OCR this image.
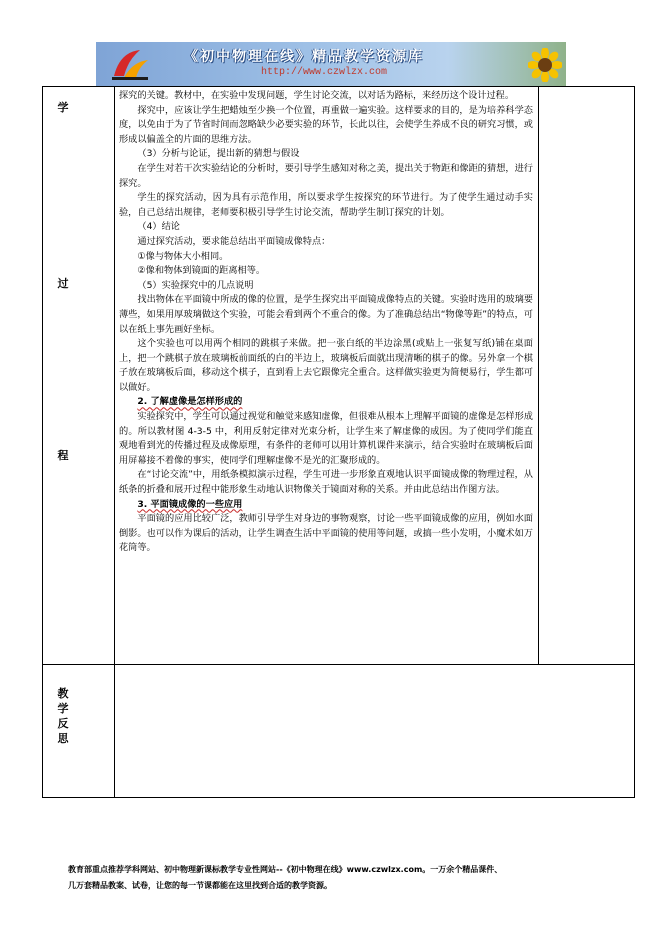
《初中物理在线》精品教学资源库
http://www.czwlzx.com
学
过
程
教
学
反
思

探究的关键。教材中，在实验中发现问题，学生讨论交流，以对话为路标，来经历这个设计过程。

探究中，应该让学生把蜡烛至少换一个位置，再重做一遍实验。这样要求的目的，是为培养科学态度，以免由于为了节省时间而忽略缺少必要实验的环节，长此以往，会使学生养成不良的研究习惯，或形成以偏盖全的片面的思维方法。

（3）分析与论证，提出新的猜想与假设

在学生对若干次实验结论的分析时，要引导学生感知对称之美，提出关于物距和像距的猜想，进行探究。

学生的探究活动，因为具有示范作用，所以要求学生按探究的环节进行。为了使学生通过动手实验，自己总结出规律，老师要积极引导学生讨论交流，帮助学生制订探究的计划。

（4）结论

通过探究活动，要求能总结出平面镜成像特点：

①像与物体大小相同。

②像和物体到镜面的距离相等。

（5）实验探究中的几点说明

找出物体在平面镜中所成的像的位置，是学生探究出平面镜成像特点的关键。实验时选用的玻璃要薄些，如果用厚玻璃做这个实验，可能会看到两个不重合的像。为了准确总结出“物像等距”的特点，可以在纸上事先画好坐标。

这个实验也可以用两个相同的跳棋子来做。把一张白纸的半边涂黑(或贴上一张复写纸)铺在桌面上，把一个跳棋子放在玻璃板前面纸的白的半边上，玻璃板后面就出现清晰的棋子的像。另外拿一个棋子放在玻璃板后面，移动这个棋子，直到看上去它跟像完全重合。这样做实验更为简便易行，学生都可以做好。

2. 了解虚像是怎样形成的

实验探究中，学生可以通过视觉和触觉来感知虚像，但很难从根本上理解平面镜的虚像是怎样形成的。所以教材图 4-3-5 中，利用反射定律对光束分析，让学生来了解虚像的成因。为了使同学们能直观地看到光的传播过程及成像原理，有条件的老师可以用计算机课件来演示，结合实验时在玻璃板后面用屏幕接不着像的事实，使同学们理解虚像不是光的汇聚形成的。

在“讨论交流”中，用纸条模拟演示过程，学生可进一步形象直观地认识平面镜成像的物理过程，从纸条的折叠和展开过程中能形象生动地认识物像关于镜面对称的关系。并由此总结出作图方法。

3. 平面镜成像的一些应用

平面镜的应用比较广泛，教师引导学生对身边的事物观察，讨论一些平面镜成像的应用，例如水面倒影。也可以作为课后的活动，让学生调查生活中平面镜的使用等问题，或搞一些小发明，小魔术如万花筒等。

教育部重点推荐学科网站、初中物理新课标教学专业性网站--《初中物理在线》www.czwlzx.com。一万余个精品课件、
几万套精品教案、试卷，让您的每一节课都能在这里找到合适的教学资源。
